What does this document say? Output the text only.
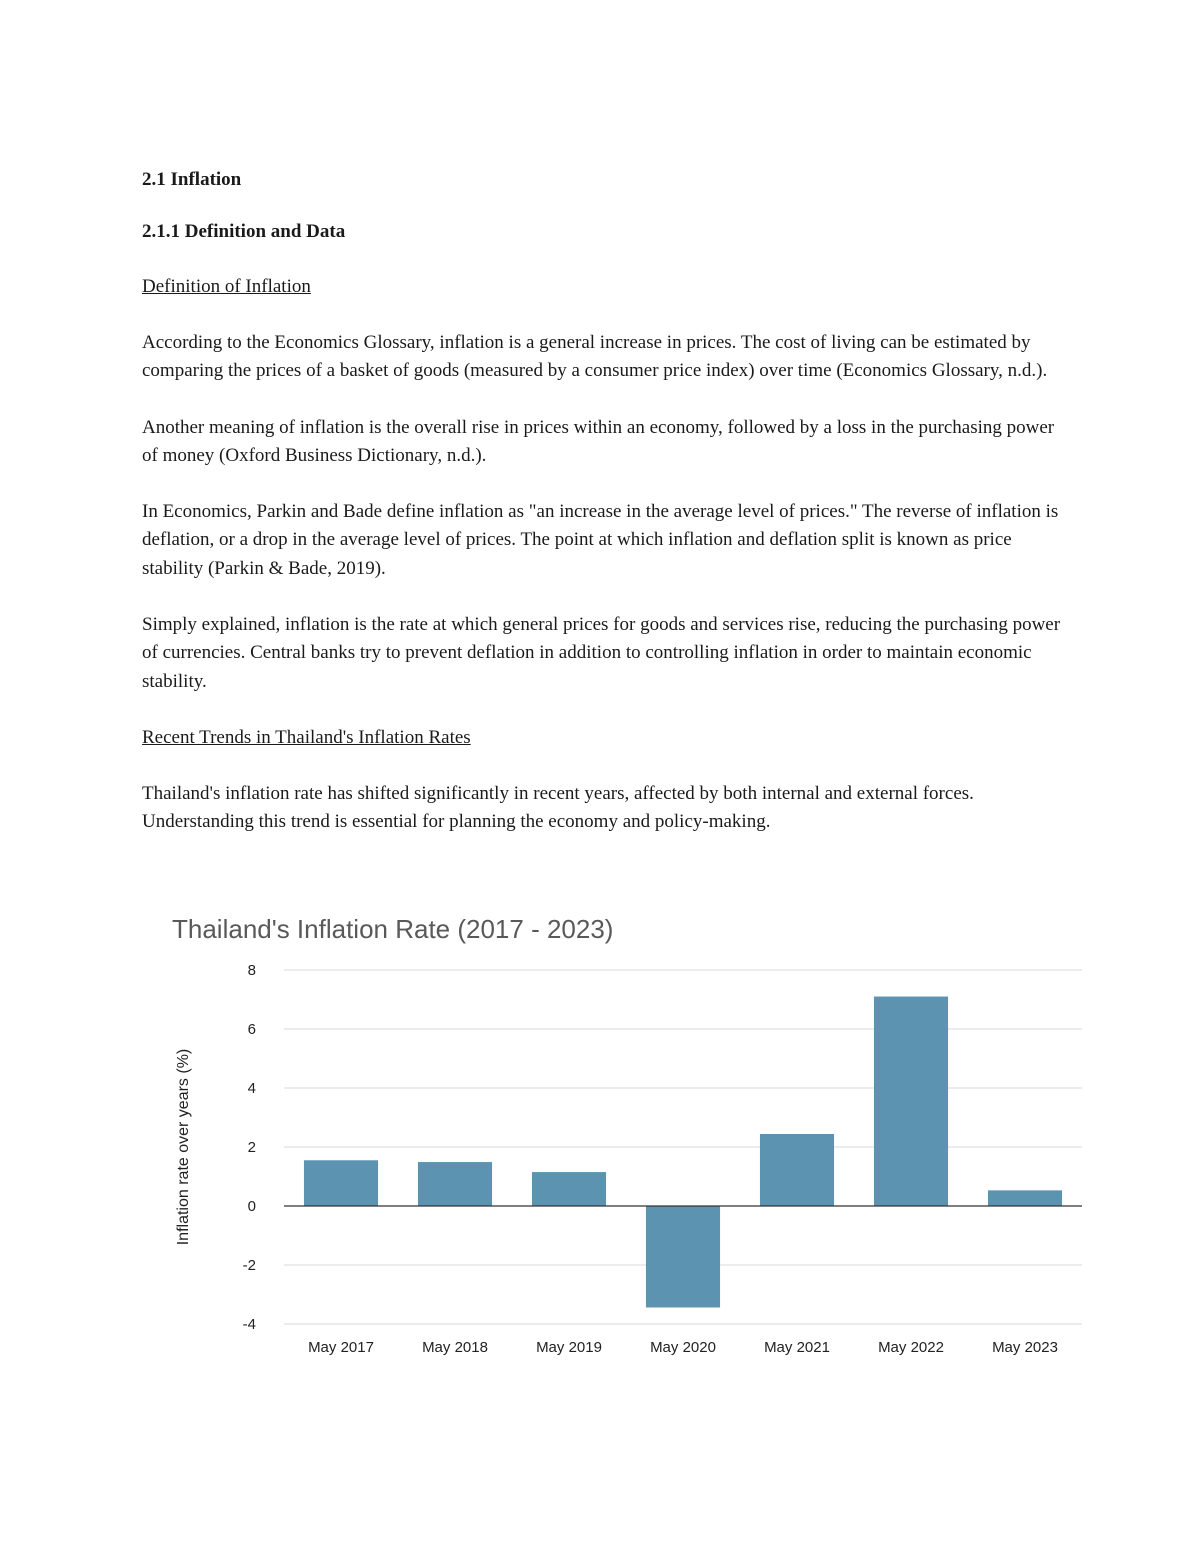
2.1 Inflation
2.1.1 Definition and Data
Definition of Inflation

According to the Economics Glossary, inflation is a general increase in prices. The cost of living can be estimated by comparing the prices of a basket of goods (measured by a consumer price index) over time (Economics Glossary, n.d.).

Another meaning of inflation is the overall rise in prices within an economy, followed by a loss in the purchasing power of money (Oxford Business Dictionary, n.d.).

In Economics, Parkin and Bade define inflation as "an increase in the average level of prices." The reverse of inflation is deflation, or a drop in the average level of prices. The point at which inflation and deflation split is known as price stability (Parkin & Bade, 2019).

Simply explained, inflation is the rate at which general prices for goods and services rise, reducing the purchasing power of currencies. Central banks try to prevent deflation in addition to controlling inflation in order to maintain economic stability.

Recent Trends in Thailand's Inflation Rates

Thailand's inflation rate has shifted significantly in recent years, affected by both internal and external forces. Understanding this trend is essential for planning the economy and policy-making.

Thailand's Inflation Rate (2017 - 2023)
Inflation rate over years (%)
8
6
4
2
0
-2
-4
May 2017	May 2018	May 2019	May 2020	May 2021	May 2022	May 2023
